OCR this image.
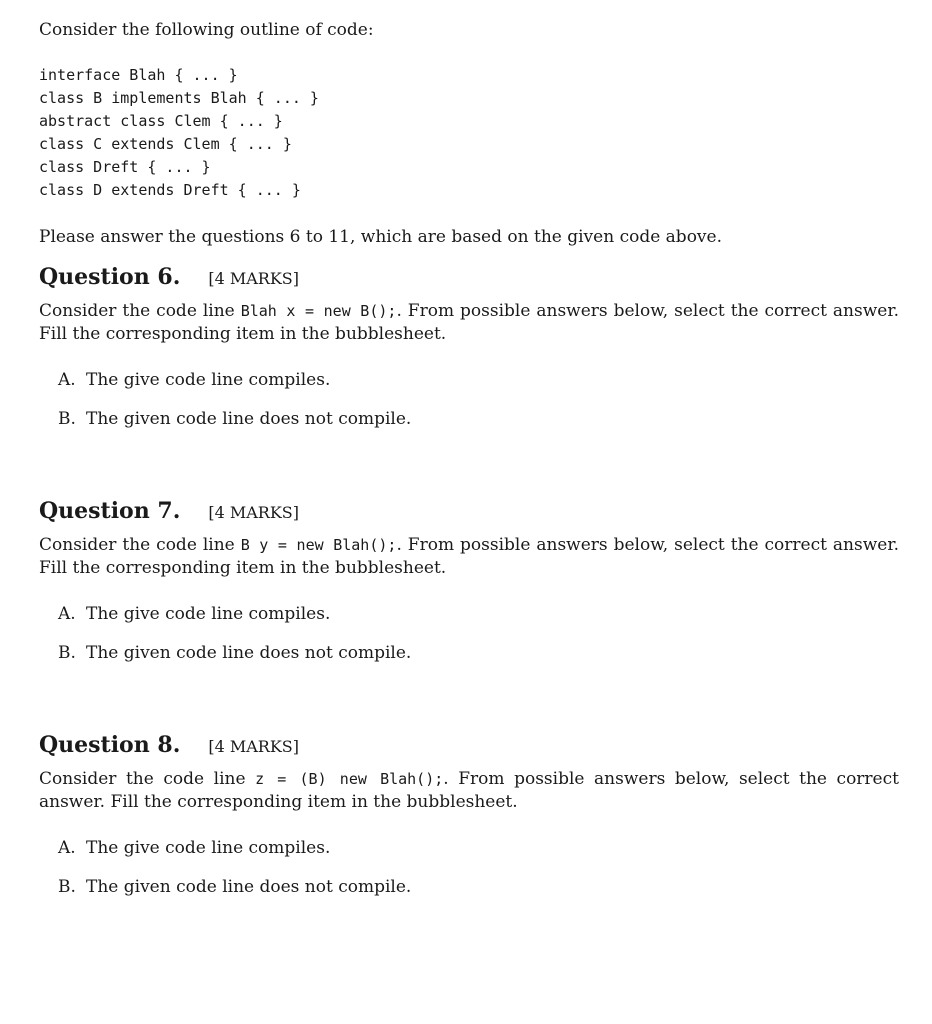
Consider the following outline of code:
interface Blah { ... }
class B implements Blah { ... }
abstract class Clem { ... }
class C extends Clem { ... }
class Dreft { ... }
class D extends Dreft { ... }
Please answer the questions 6 to 11, which are based on the given code above.
Question 6. [4 MARKS]
Consider the code line Blah x = new B();. From possible answers below, select the correct answer. Fill the corresponding item in the bubblesheet.
A. The give code line compiles.
B. The given code line does not compile.
Question 7. [4 MARKS]
Consider the code line B y = new Blah();. From possible answers below, select the correct answer. Fill the corresponding item in the bubblesheet.
A. The give code line compiles.
B. The given code line does not compile.
Question 8. [4 MARKS]
Consider the code line z = (B) new Blah();. From possible answers below, select the correct answer. Fill the corresponding item in the bubblesheet.
A. The give code line compiles.
B. The given code line does not compile.
